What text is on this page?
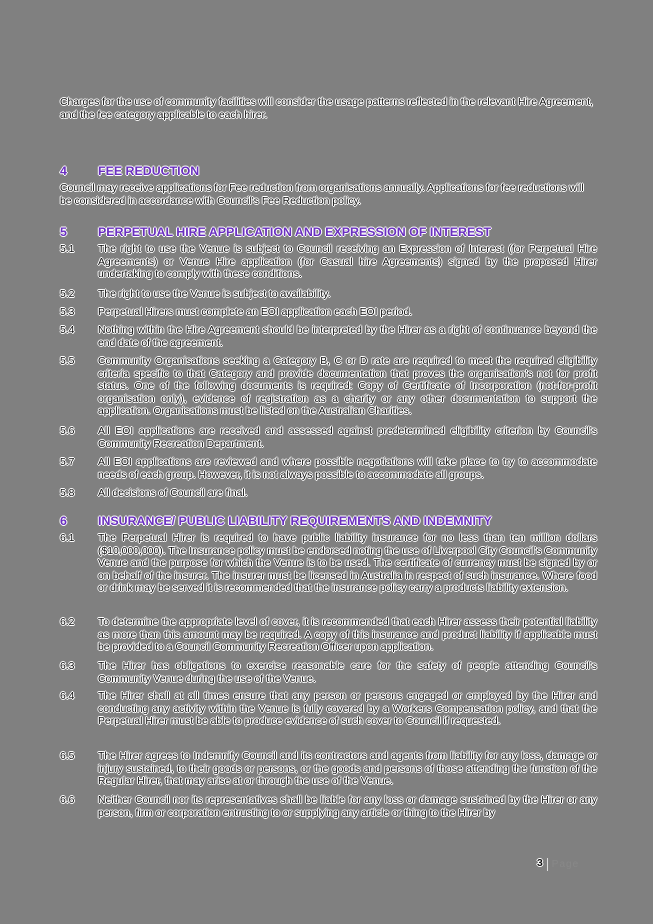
Charges for the use of community facilities will consider the usage patterns reflected in the relevant Hire Agreement, and the fee category applicable to each hirer.
4	FEE REDUCTION
Council may receive applications for Fee reduction from organisations annually. Applications for fee reductions will be considered in accordance with Council's Fee Reduction policy.
5	PERPETUAL HIRE APPLICATION AND EXPRESSION OF INTEREST
5.1	The right to use the Venue is subject to Council receiving an Expression of Interest (for Perpetual Hire Agreements) or Venue Hire application (for Casual hire Agreements) signed by the proposed Hirer undertaking to comply with these conditions.
5.2	The right to use the Venue is subject to availability.
5.3	Perpetual Hirers must complete an EOI application each EOI period.
5.4	Nothing within the Hire Agreement should be interpreted by the Hirer as a right of continuance beyond the end date of the agreement.
5.5	Community Organisations seeking a Category B, C or D rate are required to meet the required eligibility criteria specific to that Category and provide documentation that proves the organisation's not for profit status. One of the following documents is required: Copy of Certificate of Incorporation (not-for-profit organisation only), evidence of registration as a charity or any other documentation to support the application. Organisations must be listed on the Australian Charities.
5.6	All EOI applications are received and assessed against predetermined eligibility criterion by Council's Community Recreation Department.
5.7	All EOI applications are reviewed and where possible negotiations will take place to try to accommodate needs of each group. However, it is not always possible to accommodate all groups.
5.8	All decisions of Council are final.
6	INSURANCE/ PUBLIC LIABILITY REQUIREMENTS AND INDEMNITY
6.1	The Perpetual Hirer is required to have public liability insurance for no less than ten million dollars ($10,000,000). The Insurance policy must be endorsed noting the use of Liverpool City Council's Community Venue and the purpose for which the Venue is to be used. The certificate of currency must be signed by or on behalf of the insurer. The insurer must be licensed in Australia in respect of such insurance. Where food or drink may be served it is recommended that the insurance policy carry a products liability extension.
6.2	To determine the appropriate level of cover, it is recommended that each Hirer assess their potential liability as more than this amount may be required. A copy of this insurance and product liability if applicable must be provided to a Council Community Recreation Officer upon application.
6.3	The Hirer has obligations to exercise reasonable care for the safety of people attending Council's Community Venue during the use of the Venue.
6.4	The Hirer shall at all times ensure that any person or persons engaged or employed by the Hirer and conducting any activity within the Venue is fully covered by a Workers Compensation policy, and that the Perpetual Hirer must be able to produce evidence of such cover to Council if requested.
6.5	The Hirer agrees to Indemnify Council and its contractors and agents from liability for any loss, damage or injury sustained, to their goods or persons, or the goods and persons of those attending the function of the Regular Hirer, that may arise at or through the use of the Venue.
6.6	Neither Council nor its representatives shall be liable for any loss or damage sustained by the Hirer or any person, firm or corporation entrusting to or supplying any article or thing to the Hirer by
3 Page
